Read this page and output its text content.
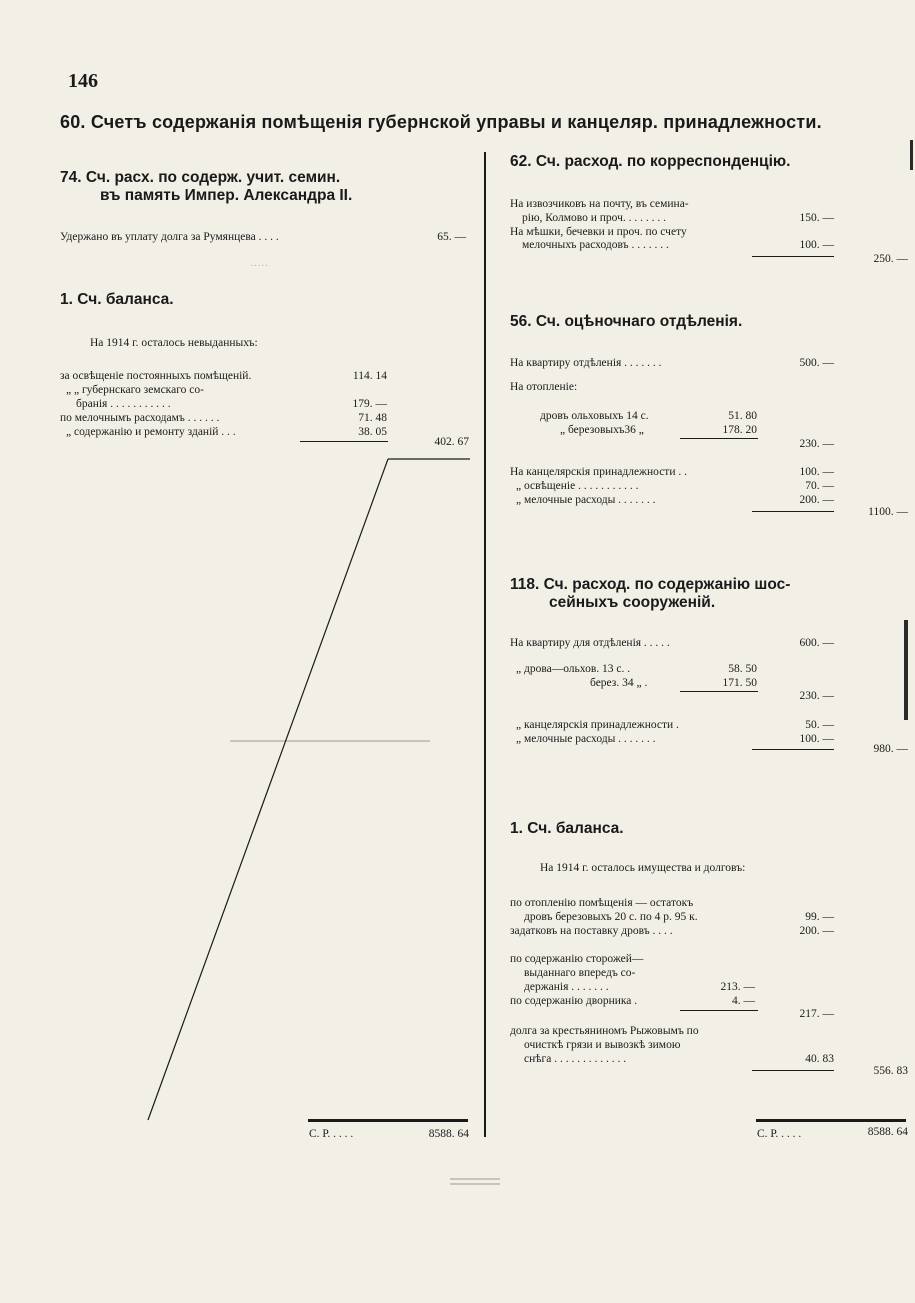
146
60. Счетъ содержанія помѣщенія губернской управы и канцеляр. принадлежности.
·····
74. Сч. расх. по содерж. учит. семин.
въ память Импер. Александра II.
Удержано въ уплату долга за Румянцева . . . .	65. —
1. Сч. баланса.
На 1914 г. осталось невыданныхъ:
за освѣщеніе постоянныхъ помѣщеній.	114. 14
„ „ губернскаго земскаго со-
бранія . . . . . . . . . . .	179. —
по мелочнымъ расходамъ . . . . . .	71. 48
„ содержанію и ремонту зданій . . .	38. 05
402. 67
С. Р. . . . .	8588. 64
62. Сч. расход. по корреспонденцію.
На извозчиковъ на почту, въ семина-
рію, Колмово и проч. . . . . . . .	150. —
На мѣшки, бечевки и проч. по счету
мелочныхъ расходовъ . . . . . . .	100. —
250. —
56. Сч. оцѣночнаго отдѣленія.
На квартиру отдѣленія . . . . . . .	500. —
На отопленіе:
дровъ ольховыхъ 14 с.	51. 80
„ березовыхъ36 „	178. 20
230. —
На канцелярскія принадлежности . .	100. —
„ освѣщеніе . . . . . . . . . . .	70. —
„ мелочные расходы . . . . . . .	200. —
1100. —
118. Сч. расход. по содержанію шос-
сейныхъ сооруженій.
На квартиру для отдѣленія . . . . .	600. —
„ дрова—ольхов. 13 с. .	58. 50
берез. 34 „ .	171. 50
230. —
„ канцелярскія принадлежности .	50. —
„ мелочные расходы . . . . . . .	100. —
980. —
1. Сч. баланса.
На 1914 г. осталось имущества и долговъ:
по отопленію помѣщенія — остатокъ
дровъ березовыхъ 20 с. по 4 р. 95 к.	99. —
задатковъ на поставку дровъ . . . .	200. —
по содержанію сторожей—
выданнаго впередъ со-
держанія . . . . . . .	213. —
по содержанію дворника .	4. —
217. —
долга за крестьяниномъ Рыжовымъ по
очисткѣ грязи и вывозкѣ зимою
снѣга . . . . . . . . . . . . .	40. 83
556. 83
С. Р. . . . .	8588. 64
